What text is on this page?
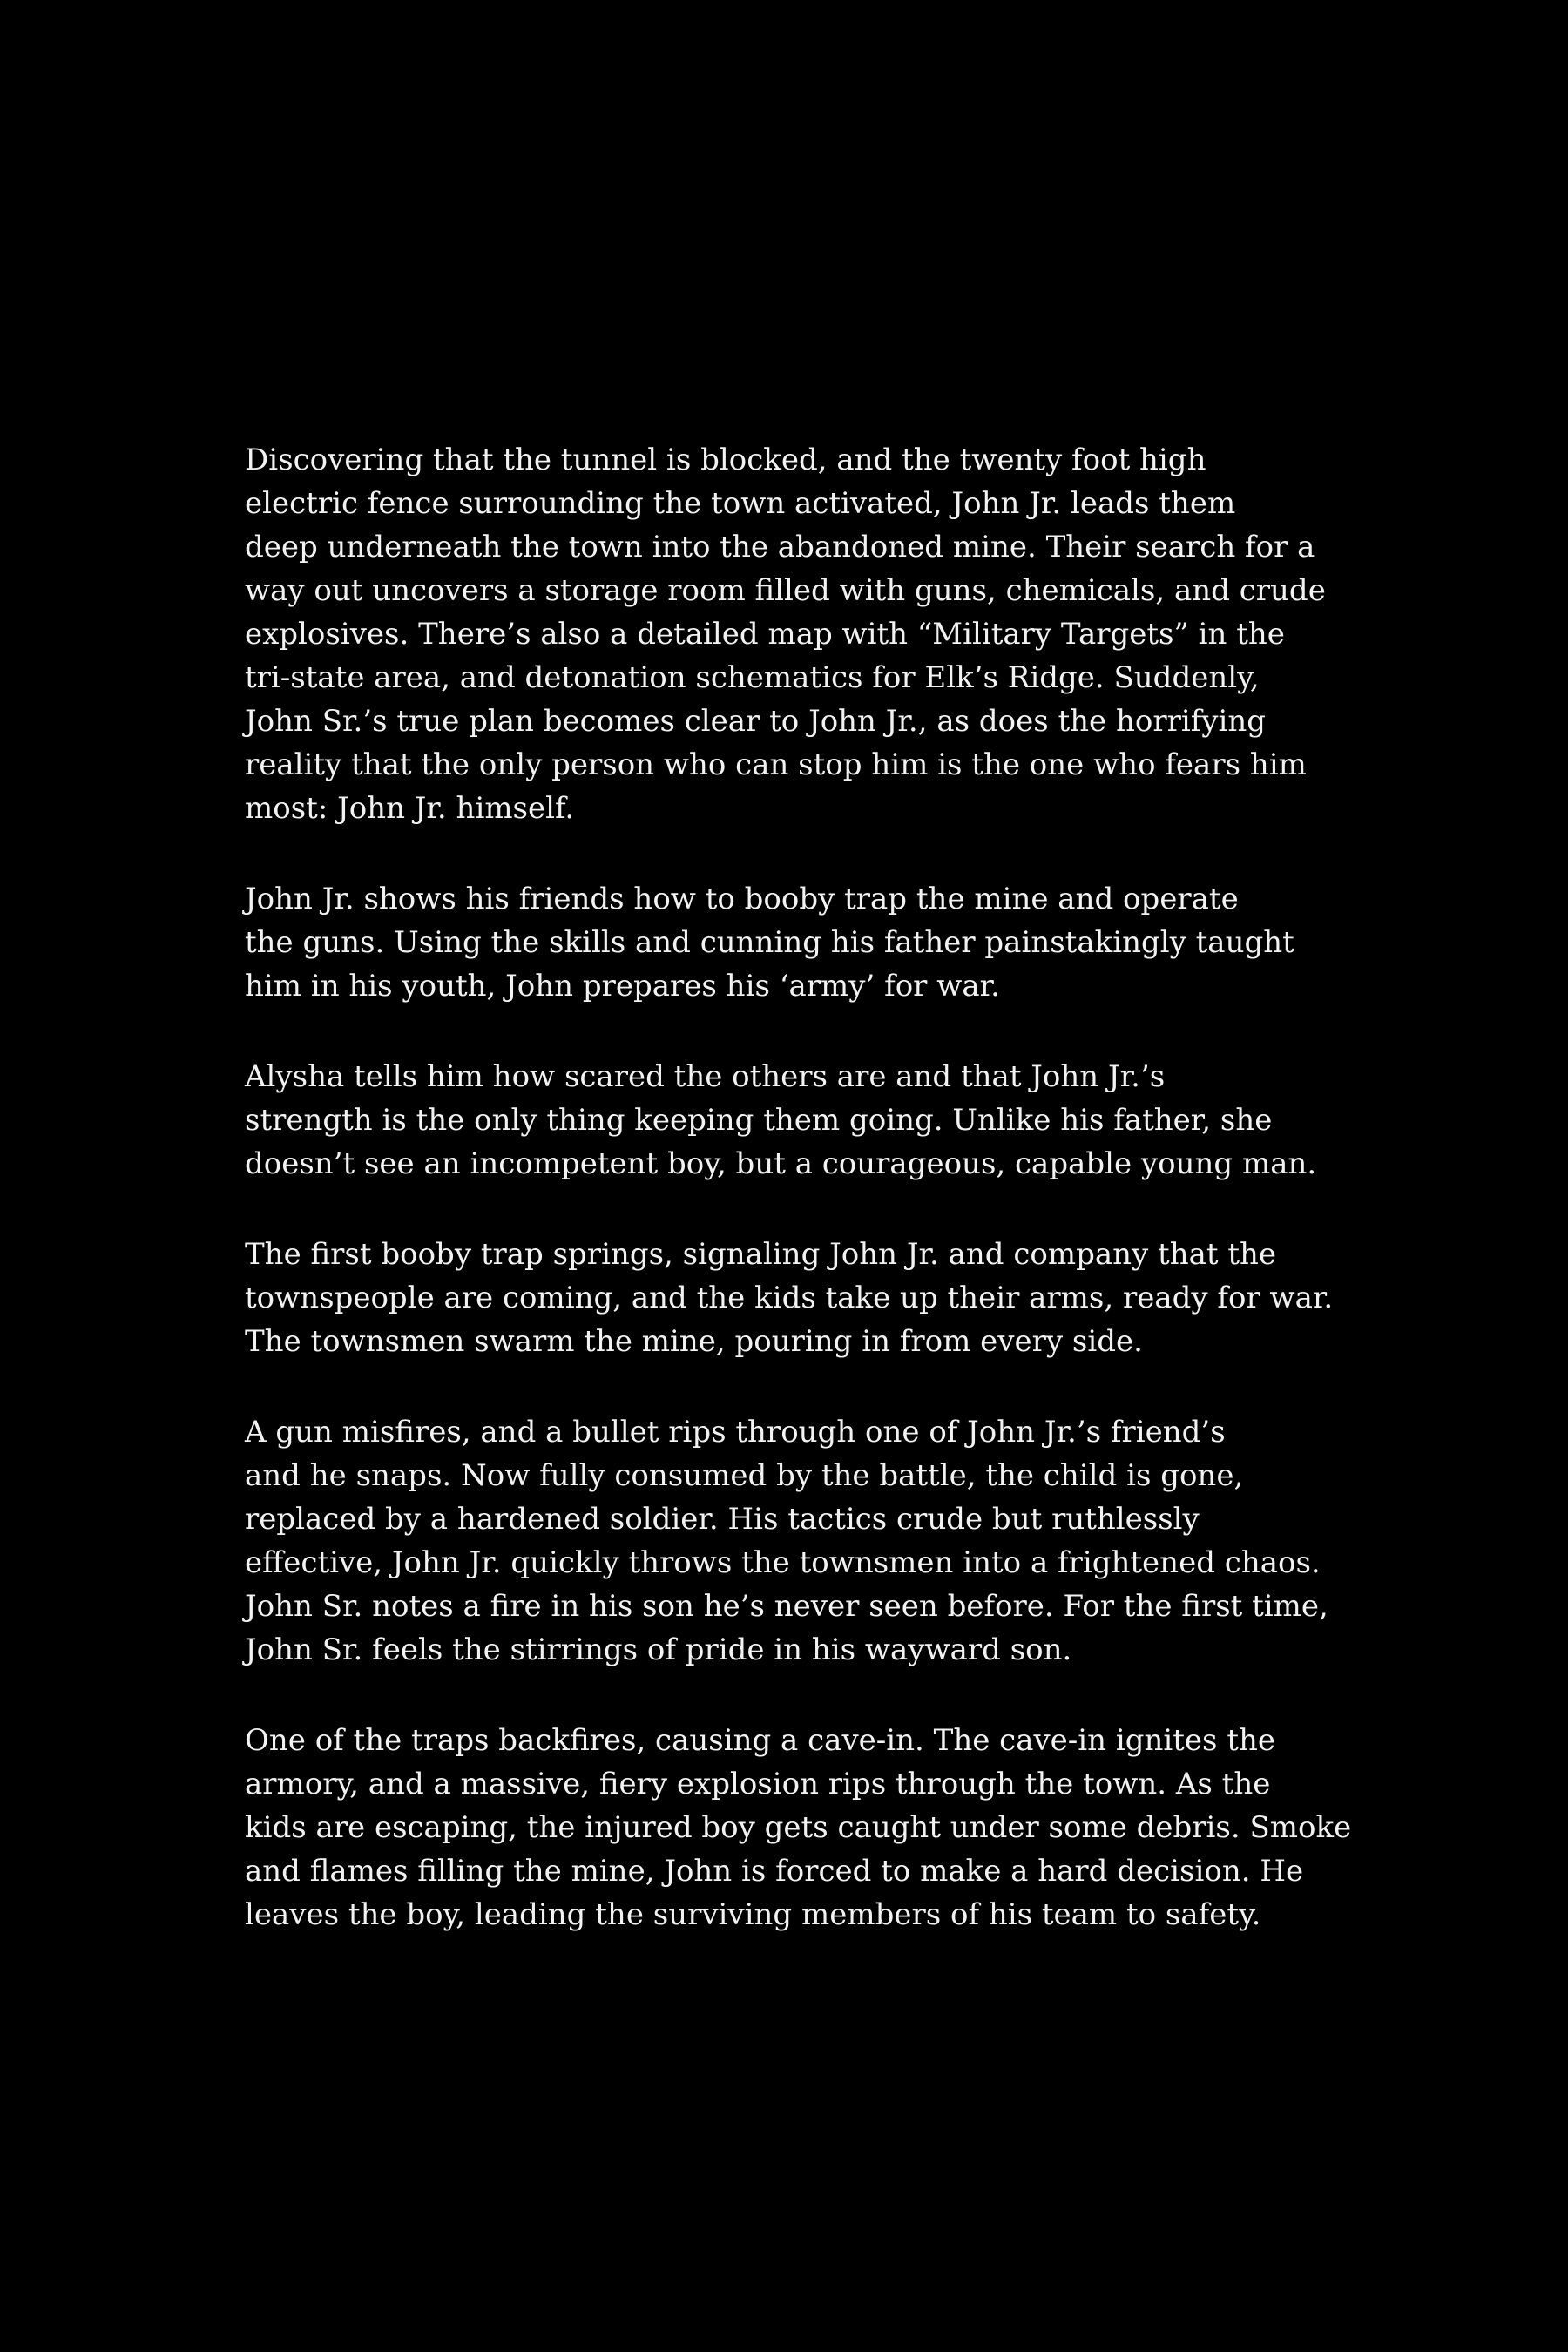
Discovering that the tunnel is blocked, and the twenty foot high
electric fence surrounding the town activated, John Jr. leads them
deep underneath the town into the abandoned mine. Their search for a
way out uncovers a storage room filled with guns, chemicals, and crude
explosives. There’s also a detailed map with “Military Targets” in the
tri-state area, and detonation schematics for Elk’s Ridge. Suddenly,
John Sr.’s true plan becomes clear to John Jr., as does the horrifying
reality that the only person who can stop him is the one who fears him
most: John Jr. himself.

John Jr. shows his friends how to booby trap the mine and operate
the guns. Using the skills and cunning his father painstakingly taught
him in his youth, John prepares his ‘army’ for war.

Alysha tells him how scared the others are and that John Jr.’s
strength is the only thing keeping them going. Unlike his father, she
doesn’t see an incompetent boy, but a courageous, capable young man.

The first booby trap springs, signaling John Jr. and company that the
townspeople are coming, and the kids take up their arms, ready for war.
The townsmen swarm the mine, pouring in from every side.

A gun misfires, and a bullet rips through one of John Jr.’s friend’s
and he snaps. Now fully consumed by the battle, the child is gone,
replaced by a hardened soldier. His tactics crude but ruthlessly
effective, John Jr. quickly throws the townsmen into a frightened chaos.
John Sr. notes a fire in his son he’s never seen before. For the first time,
John Sr. feels the stirrings of pride in his wayward son.

One of the traps backfires, causing a cave-in. The cave-in ignites the
armory, and a massive, fiery explosion rips through the town. As the
kids are escaping, the injured boy gets caught under some debris. Smoke
and flames filling the mine, John is forced to make a hard decision. He
leaves the boy, leading the surviving members of his team to safety.
